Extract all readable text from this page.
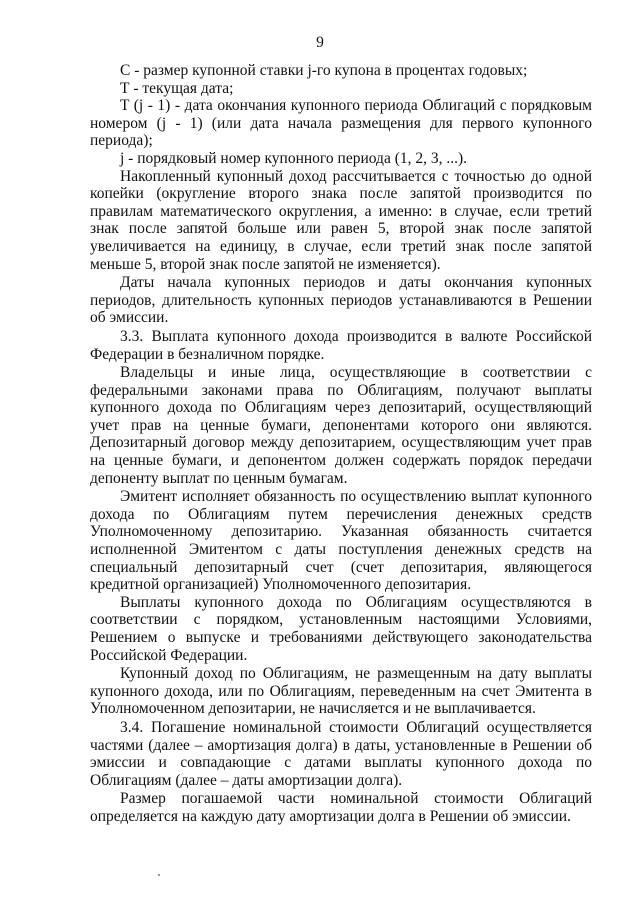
9

С - размер купонной ставки j-го купона в процентах годовых;

Т - текущая дата;

T (j - 1) - дата окончания купонного периода Облигаций с порядковым номером (j - 1) (или дата начала размещения для первого купонного периода);

j - порядковый номер купонного периода (1, 2, 3, ...).

Накопленный купонный доход рассчитывается с точностью до одной копейки (округление второго знака после запятой производится по правилам математического округления, а именно: в случае, если третий знак после запятой больше или равен 5, второй знак после запятой увеличивается на единицу, в случае, если третий знак после запятой меньше 5, второй знак после запятой не изменяется).

Даты начала купонных периодов и даты окончания купонных периодов, длительность купонных периодов устанавливаются в Решении об эмиссии.

3.3. Выплата купонного дохода производится в валюте Российской Федерации в безналичном порядке.

Владельцы и иные лица, осуществляющие в соответствии с федеральными законами права по Облигациям, получают выплаты купонного дохода по Облигациям через депозитарий, осуществляющий учет прав на ценные бумаги, депонентами которого они являются. Депозитарный договор между депозитарием, осуществляющим учет прав на ценные бумаги, и депонентом должен содержать порядок передачи депоненту выплат по ценным бумагам.

Эмитент исполняет обязанность по осуществлению выплат купонного дохода по Облигациям путем перечисления денежных средств Уполномоченному депозитарию. Указанная обязанность считается исполненной Эмитентом с даты поступления денежных средств на специальный депозитарный счет (счет депозитария, являющегося кредитной организацией) Уполномоченного депозитария.

Выплаты купонного дохода по Облигациям осуществляются в соответствии с порядком, установленным настоящими Условиями, Решением о выпуске и требованиями действующего законодательства Российской Федерации.

Купонный доход по Облигациям, не размещенным на дату выплаты купонного дохода, или по Облигациям, переведенным на счет Эмитента в Уполномоченном депозитарии, не начисляется и не выплачивается.

3.4. Погашение номинальной стоимости Облигаций осуществляется частями (далее – амортизация долга) в даты, установленные в Решении об эмиссии и совпадающие с датами выплаты купонного дохода по Облигациям (далее – даты амортизации долга).

Размер погашаемой части номинальной стоимости Облигаций определяется на каждую дату амортизации долга в Решении об эмиссии.
